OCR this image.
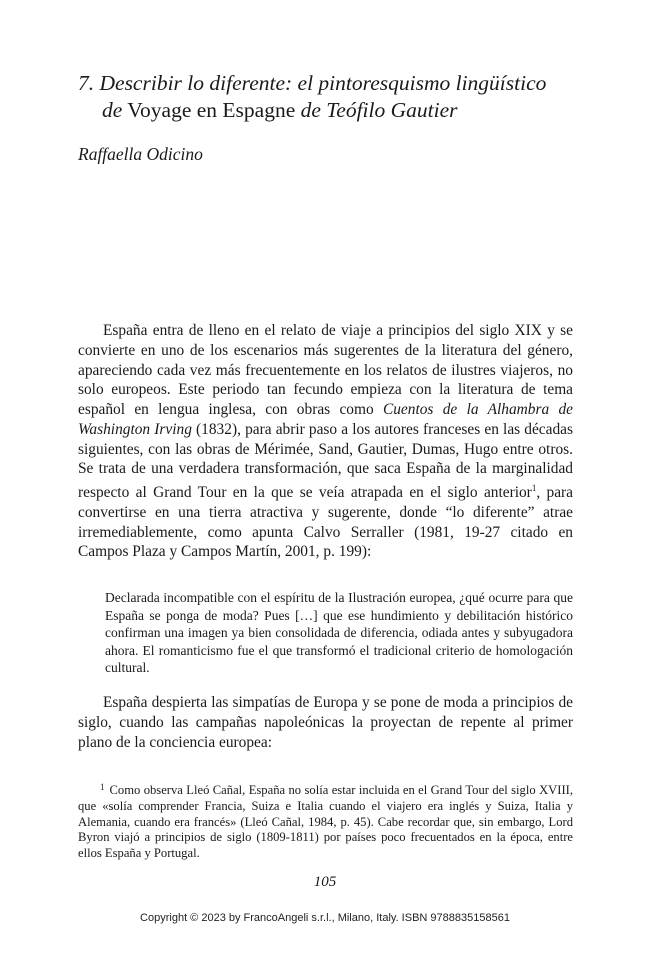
7. Describir lo diferente: el pintoresquismo lingüístico
de Voyage en Espagne de Teófilo Gautier
Raffaella Odicino

España entra de lleno en el relato de viaje a principios del siglo XIX y se convierte en uno de los escenarios más sugerentes de la literatura del género, apareciendo cada vez más frecuentemente en los relatos de ilustres viajeros, no solo europeos. Este periodo tan fecundo empieza con la literatura de tema español en lengua inglesa, con obras como Cuentos de la Alhambra de Washington Irving (1832), para abrir paso a los autores franceses en las décadas siguientes, con las obras de Mérimée, Sand, Gautier, Dumas, Hugo entre otros. Se trata de una verdadera transformación, que saca España de la marginalidad respecto al Grand Tour en la que se veía atrapada en el siglo anterior$^1$, para convertirse en una tierra atractiva y sugerente, donde “lo diferente” atrae irremediablemente, como apunta Calvo Serraller (1981, 19-27 citado en Campos Plaza y Campos Martín, 2001, p. 199):

Declarada incompatible con el espíritu de la Ilustración europea, ¿qué ocurre para que España se ponga de moda? Pues […] que ese hundimiento y debilitación histórico confirman una imagen ya bien consolidada de diferencia, odiada antes y subyugadora ahora. El romanticismo fue el que transformó el tradicional criterio de homologación cultural.

España despierta las simpatías de Europa y se pone de moda a principios de siglo, cuando las campañas napoleónicas la proyectan de repente al primer plano de la conciencia europea:

$^1$ Como observa Lleó Cañal, España no solía estar incluida en el Grand Tour del siglo XVIII, que «solía comprender Francia, Suiza e Italia cuando el viajero era inglés y Suiza, Italia y Alemania, cuando era francés» (Lleó Cañal, 1984, p. 45). Cabe recordar que, sin embargo, Lord Byron viajó a principios de siglo (1809-1811) por países poco frecuentados en la época, entre ellos España y Portugal.

105
Copyright © 2023 by FrancoAngeli s.r.l., Milano, Italy. ISBN 9788835158561
